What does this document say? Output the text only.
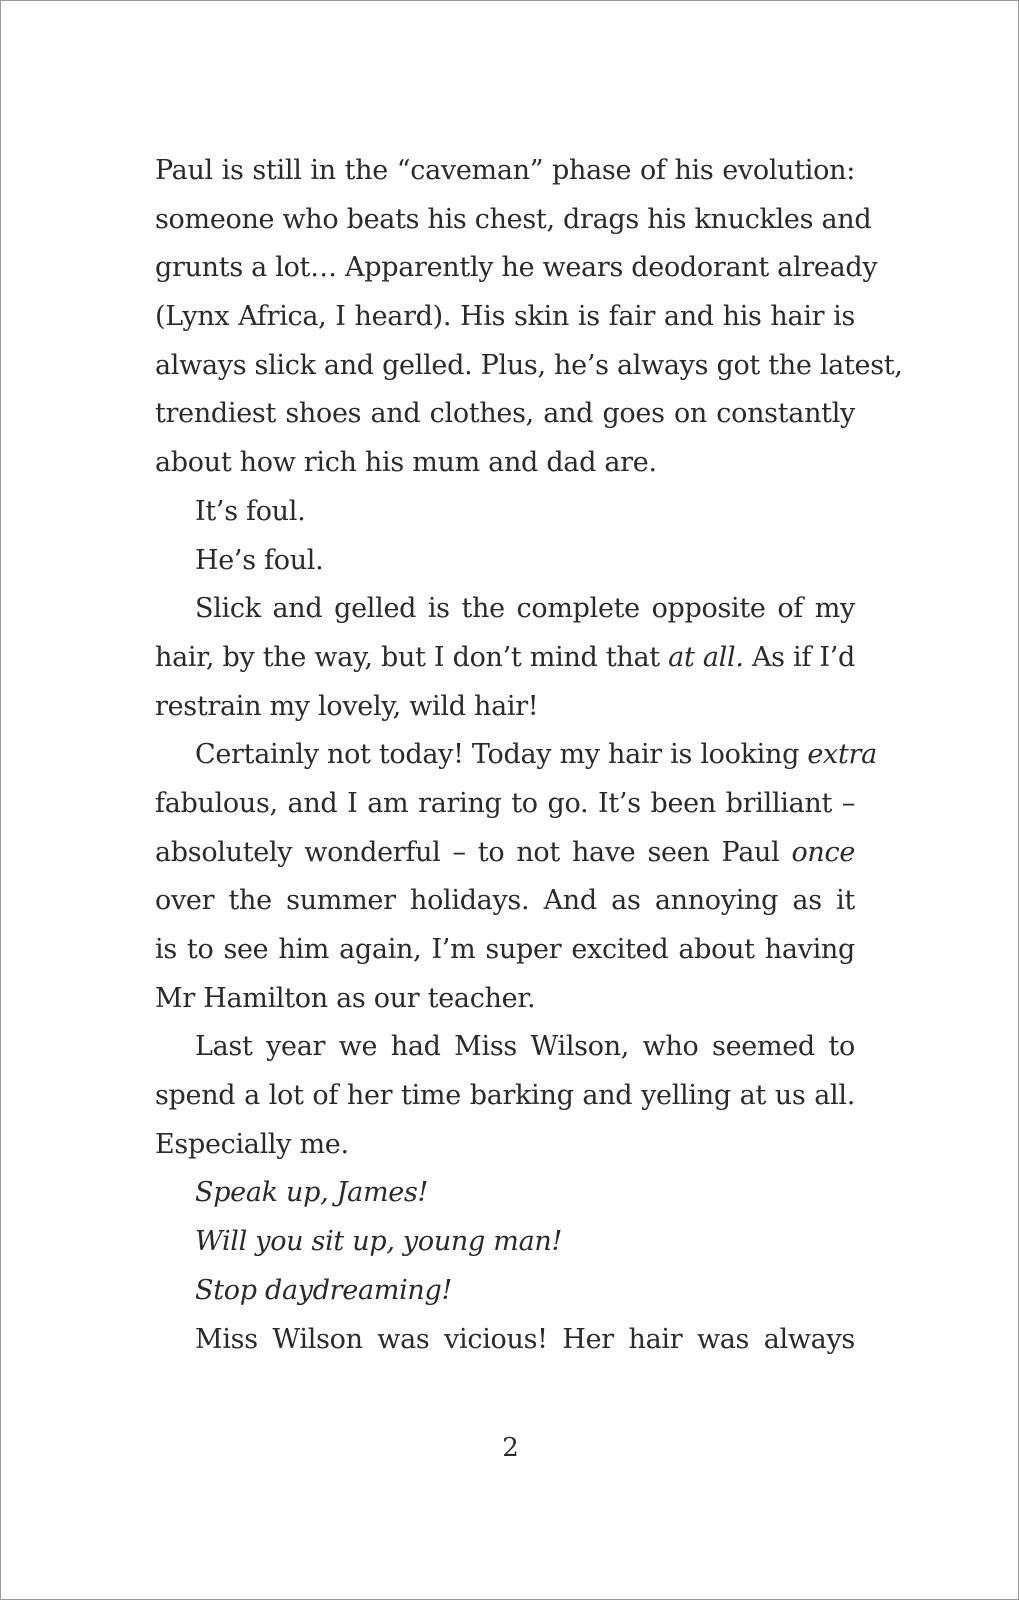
Paul is still in the “caveman” phase of his evolution:
someone who beats his chest, drags his knuckles and
grunts a lot… Apparently he wears deodorant already
(Lynx Africa, I heard). His skin is fair and his hair is
always slick and gelled. Plus, he’s always got the latest,
trendiest shoes and clothes, and goes on constantly
about how rich his mum and dad are.
It’s foul.
He’s foul.
Slick and gelled is the complete opposite of my
hair, by the way, but I don’t mind that at all. As if I’d
restrain my lovely, wild hair!
Certainly not today! Today my hair is looking extra
fabulous, and I am raring to go. It’s been brilliant –
absolutely wonderful – to not have seen Paul once
over the summer holidays. And as annoying as it
is to see him again, I’m super excited about having
Mr Hamilton as our teacher.
Last year we had Miss Wilson, who seemed to
spend a lot of her time barking and yelling at us all.
Especially me.
Speak up, James!
Will you sit up, young man!
Stop daydreaming!
Miss Wilson was vicious! Her hair was always
2
